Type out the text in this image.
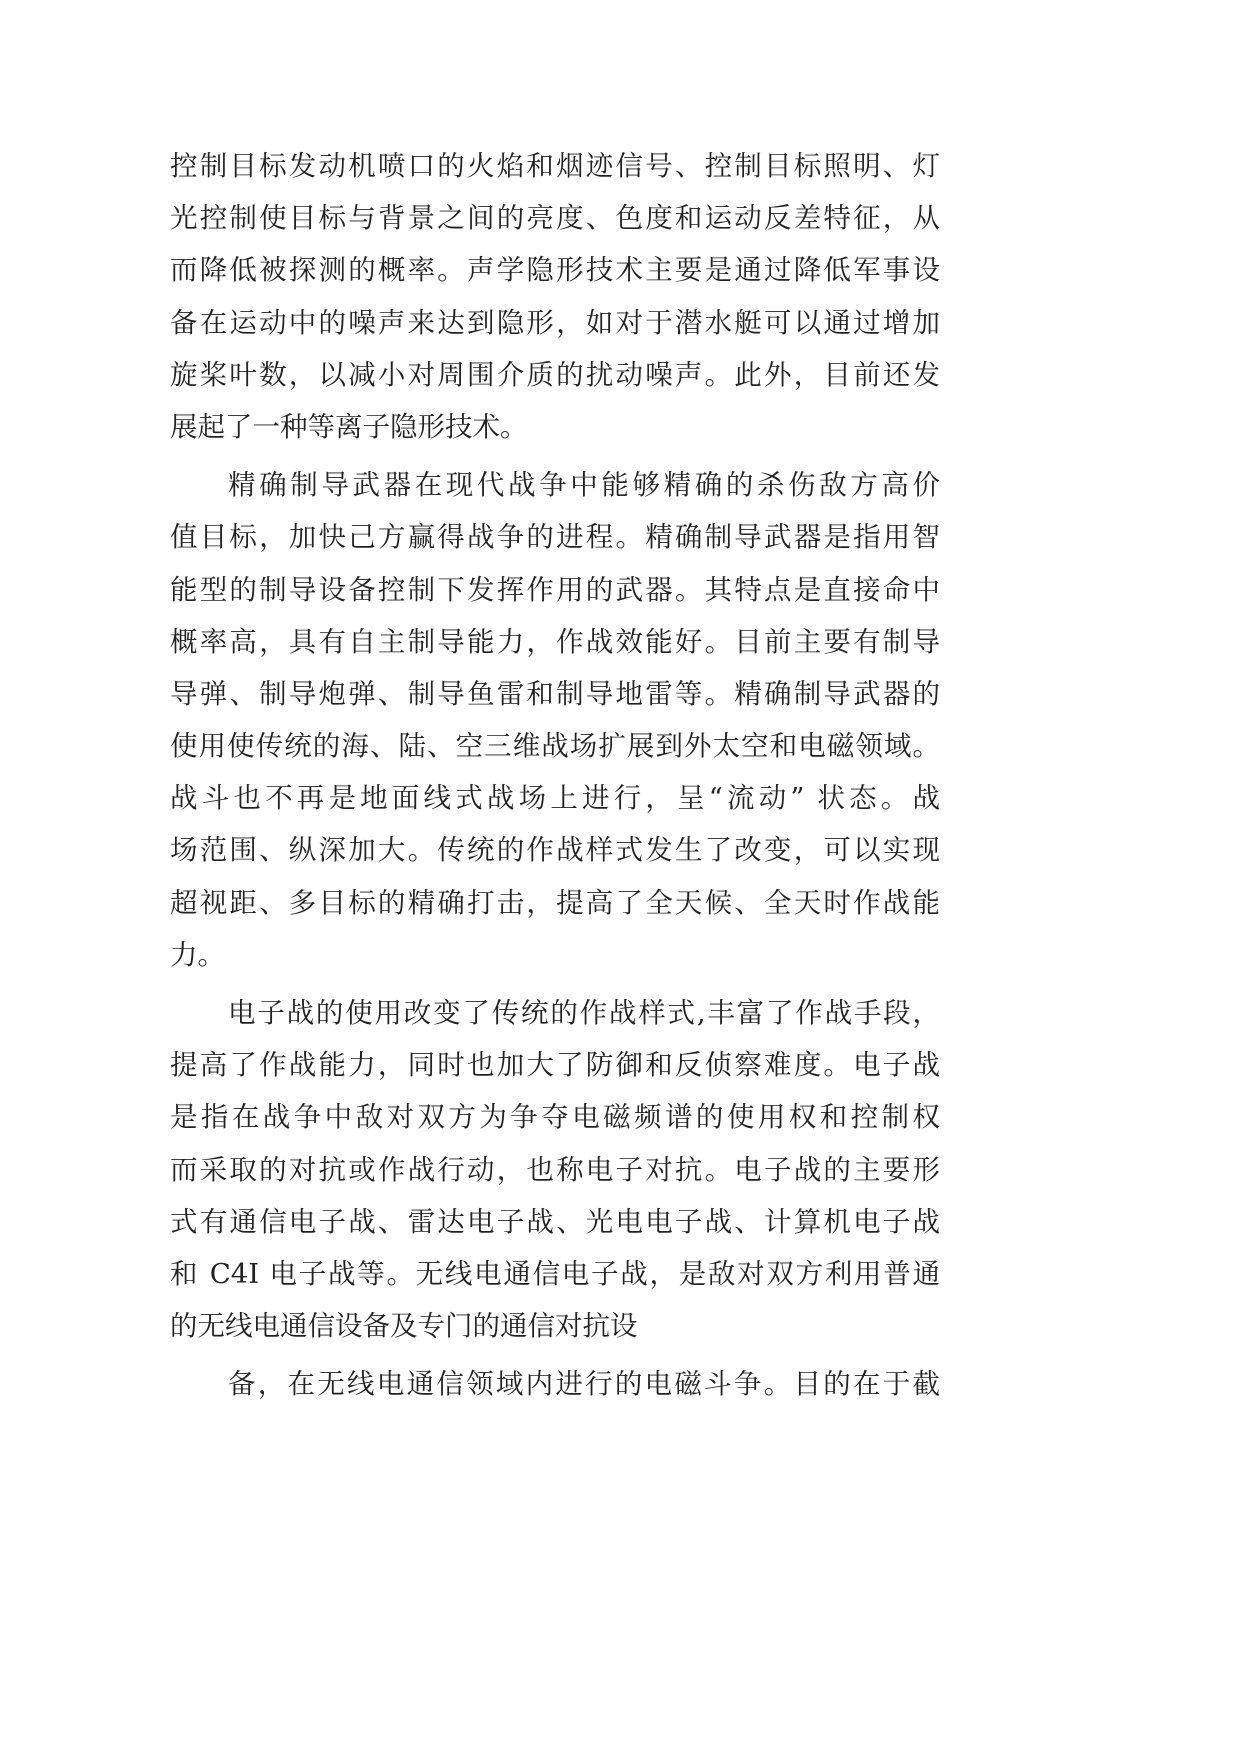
控制目标发动机喷口的火焰和烟迹信号、控制目标照明、灯
光控制使目标与背景之间的亮度、色度和运动反差特征，从
而降低被探测的概率。声学隐形技术主要是通过降低军事设
备在运动中的噪声来达到隐形，如对于潜水艇可以通过增加
旋桨叶数，以减小对周围介质的扰动噪声。此外，目前还发
展起了一种等离子隐形技术。
精确制导武器在现代战争中能够精确的杀伤敌方高价
值目标，加快己方赢得战争的进程。精确制导武器是指用智
能型的制导设备控制下发挥作用的武器。其特点是直接命中
概率高，具有自主制导能力，作战效能好。目前主要有制导
导弹、制导炮弹、制导鱼雷和制导地雷等。精确制导武器的
使用使传统的海、陆、空三维战场扩展到外太空和电磁领域。
战斗也不再是地面线式战场上进行，呈“流动” 状态。战
场范围、纵深加大。传统的作战样式发生了改变，可以实现
超视距、多目标的精确打击，提高了全天候、全天时作战能
力。
电子战的使用改变了传统的作战样式,丰富了作战手段，
提高了作战能力，同时也加大了防御和反侦察难度。电子战
是指在战争中敌对双方为争夺电磁频谱的使用权和控制权
而采取的对抗或作战行动，也称电子对抗。电子战的主要形
式有通信电子战、雷达电子战、光电电子战、计算机电子战
和 C4I 电子战等。无线电通信电子战，是敌对双方利用普通
的无线电通信设备及专门的通信对抗设
备，在无线电通信领域内进行的电磁斗争。目的在于截
